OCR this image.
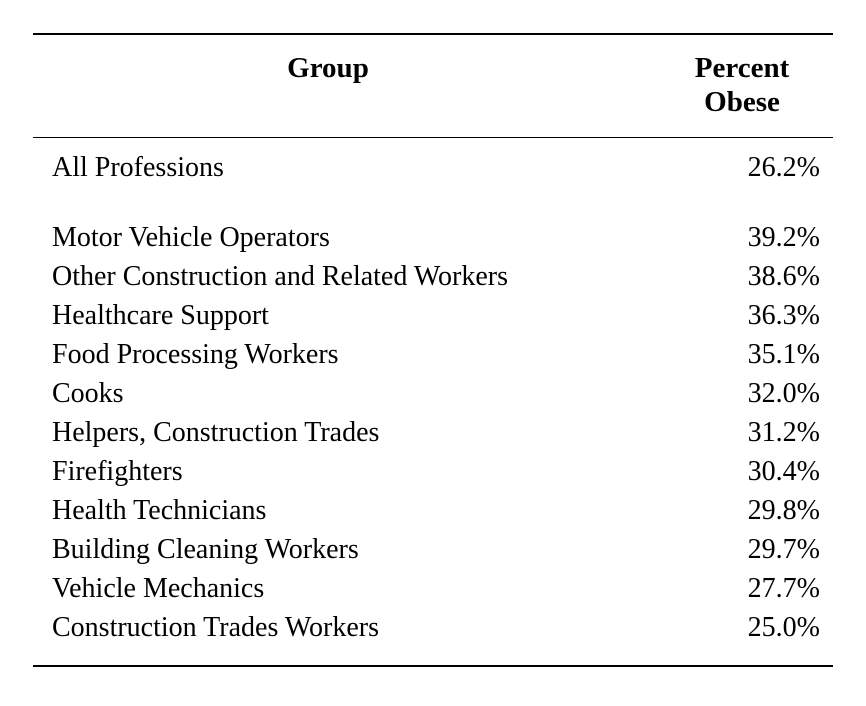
Group	Percent
Obese

All Professions	26.2%

Motor Vehicle Operators	39.2%
Other Construction and Related Workers	38.6%
Healthcare Support	36.3%
Food Processing Workers	35.1%
Cooks	32.0%
Helpers, Construction Trades	31.2%
Firefighters	30.4%
Health Technicians	29.8%
Building Cleaning Workers	29.7%
Vehicle Mechanics	27.7%
Construction Trades Workers	25.0%
